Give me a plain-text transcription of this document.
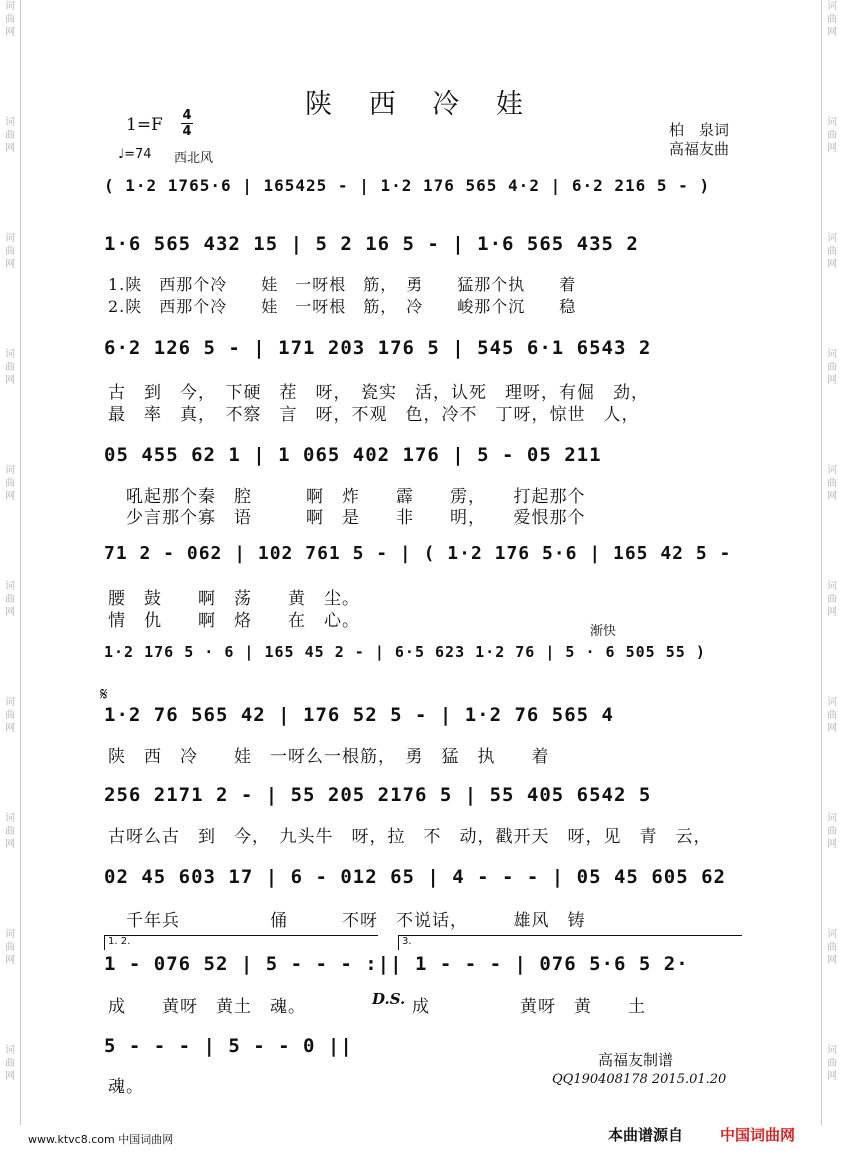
词曲网
词曲网
词曲网
词曲网
词曲网
词曲网
词曲网
词曲网
词曲网
词曲网
词曲网
词曲网
词曲网
词曲网
词曲网
词曲网
词曲网
词曲网
词曲网
词曲网
陕 西 冷 娃
1=F 4
4
♩=74 西北风
柏　泉词
高福友曲
( 1·2 1765·6 | 165425 - | 1·2 176 565 4·2 | 6·2 216 5 - )
1·6 565 432 15 | 5 2 16 5 - | 1·6 565 435 2
1.陕　西那个冷　　娃　一呀根　筋，　勇　　猛那个执　　着
2.陕　西那个冷　　娃　一呀根　筋，　冷　　峻那个沉　　稳
6·2 126 5 - | 171 203 176 5 | 545 6·1 6543 2
古　到　今，　下硬　茬　呀，　瓷实　活，认死　理呀，有倔　劲，
最　率　真，　不察　言　呀，不观　色，冷不　丁呀，惊世　人，
05 455 62 1 | 1 065 402 176 | 5 - 05 211
　吼起那个秦　腔　　　啊　炸　　霹　　雳，　　打起那个
　少言那个寡　语　　　啊　是　　非　　明，　　爱恨那个
71 2 - 062 | 102 761 5 - | ( 1·2 176 5·6 | 165 42 5 -
腰　鼓　　啊　荡　　黄　尘。
情　仇　　啊　烙　　在　心。
渐快
1·2 176 5 · 6 | 165 45 2 - | 6·5 623 1·2 76 | 5 · 6 505 55 )
𝄋
1·2 76 565 42 | 176 52 5 - | 1·2 76 565 4
陕　西　冷　　娃　一呀么一根筋，　勇　猛　执　　着
256 2171 2 - | 55 205 2176 5 | 55 405 6542 5
古呀么古　到　今，　九头牛　呀，拉　不　动，戳开天　呀，见　青　云，
02 45 603 17 | 6 - 012 65 | 4 - - - | 05 45 605 62
　千年兵　　　　　俑　　　不呀　不说话，　　　雄风　铸
1. 2.	3.
1 - 076 52 | 5 - - - :|| 1 - - - | 076 5·6 5 2·
成　　黄呀　黄土　魂。	D.S. 成　　　　　黄呀　黄　　土
5 - - - | 5 - - 0 ||
魂。
高福友制谱
QQ190408178 2015.01.20
www.ktvc8.com 中国词曲网	本曲谱源自 中国词曲网
